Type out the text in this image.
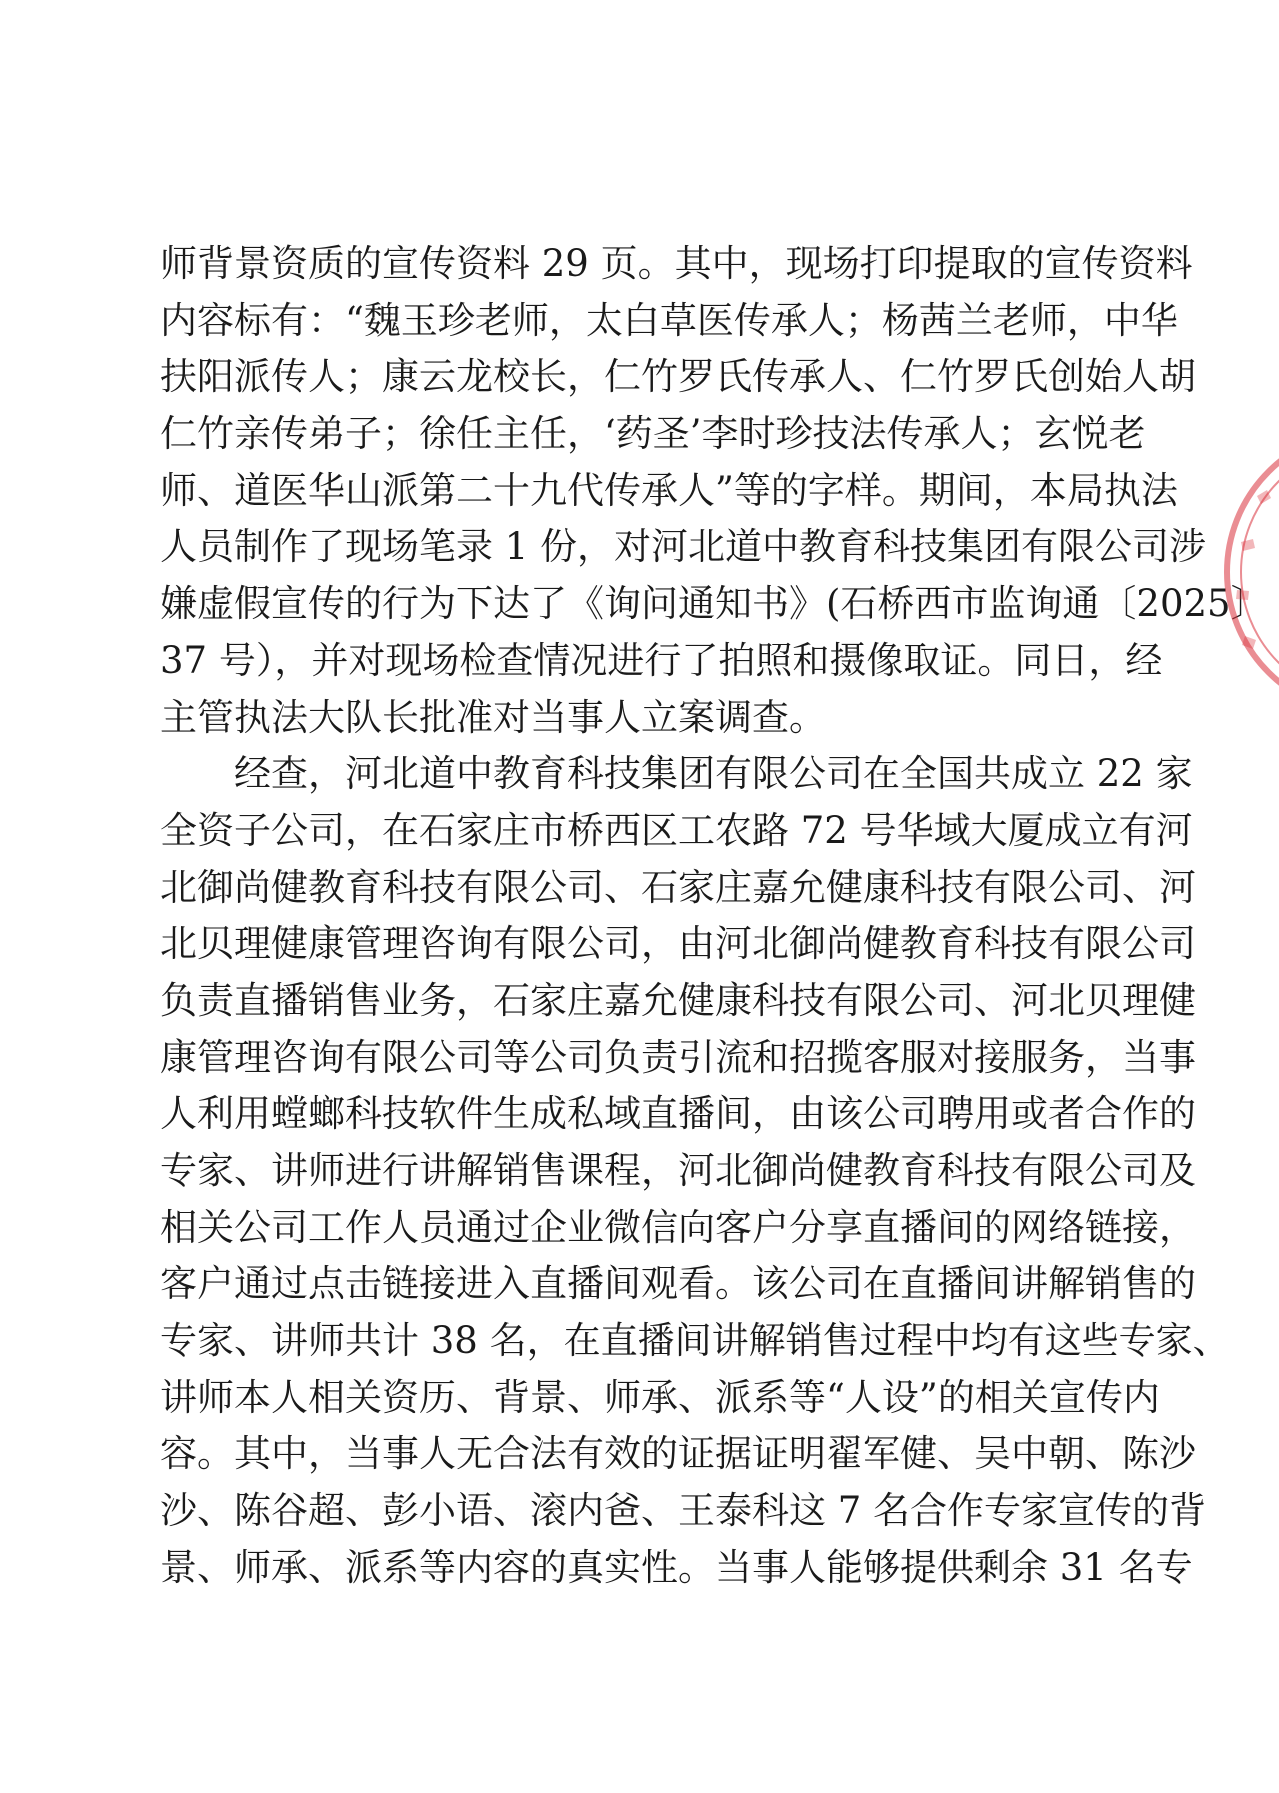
师背景资质的宣传资料 29 页。其中，现场打印提取的宣传资料
内容标有：“魏玉珍老师，太白草医传承人；杨茜兰老师，中华
扶阳派传人；康云龙校长，仁竹罗氏传承人、仁竹罗氏创始人胡
仁竹亲传弟子；徐任主任，‘药圣’李时珍技法传承人；玄悦老
师、道医华山派第二十九代传承人”等的字样。期间，本局执法
人员制作了现场笔录 1 份，对河北道中教育科技集团有限公司涉
嫌虚假宣传的行为下达了《询问通知书》(石桥西市监询通〔2025〕
37 号），并对现场检查情况进行了拍照和摄像取证。同日，经
主管执法大队长批准对当事人立案调查。
　　经查，河北道中教育科技集团有限公司在全国共成立 22 家
全资子公司，在石家庄市桥西区工农路 72 号华域大厦成立有河
北御尚健教育科技有限公司、石家庄嘉允健康科技有限公司、河
北贝理健康管理咨询有限公司，由河北御尚健教育科技有限公司
负责直播销售业务，石家庄嘉允健康科技有限公司、河北贝理健
康管理咨询有限公司等公司负责引流和招揽客服对接服务，当事
人利用螳螂科技软件生成私域直播间，由该公司聘用或者合作的
专家、讲师进行讲解销售课程，河北御尚健教育科技有限公司及
相关公司工作人员通过企业微信向客户分享直播间的网络链接，
客户通过点击链接进入直播间观看。该公司在直播间讲解销售的
专家、讲师共计 38 名，在直播间讲解销售过程中均有这些专家、
讲师本人相关资历、背景、师承、派系等“人设”的相关宣传内
容。其中，当事人无合法有效的证据证明翟军健、吴中朝、陈沙
沙、陈谷超、彭小语、滚内爸、王泰科这 7 名合作专家宣传的背
景、师承、派系等内容的真实性。当事人能够提供剩余 31 名专
